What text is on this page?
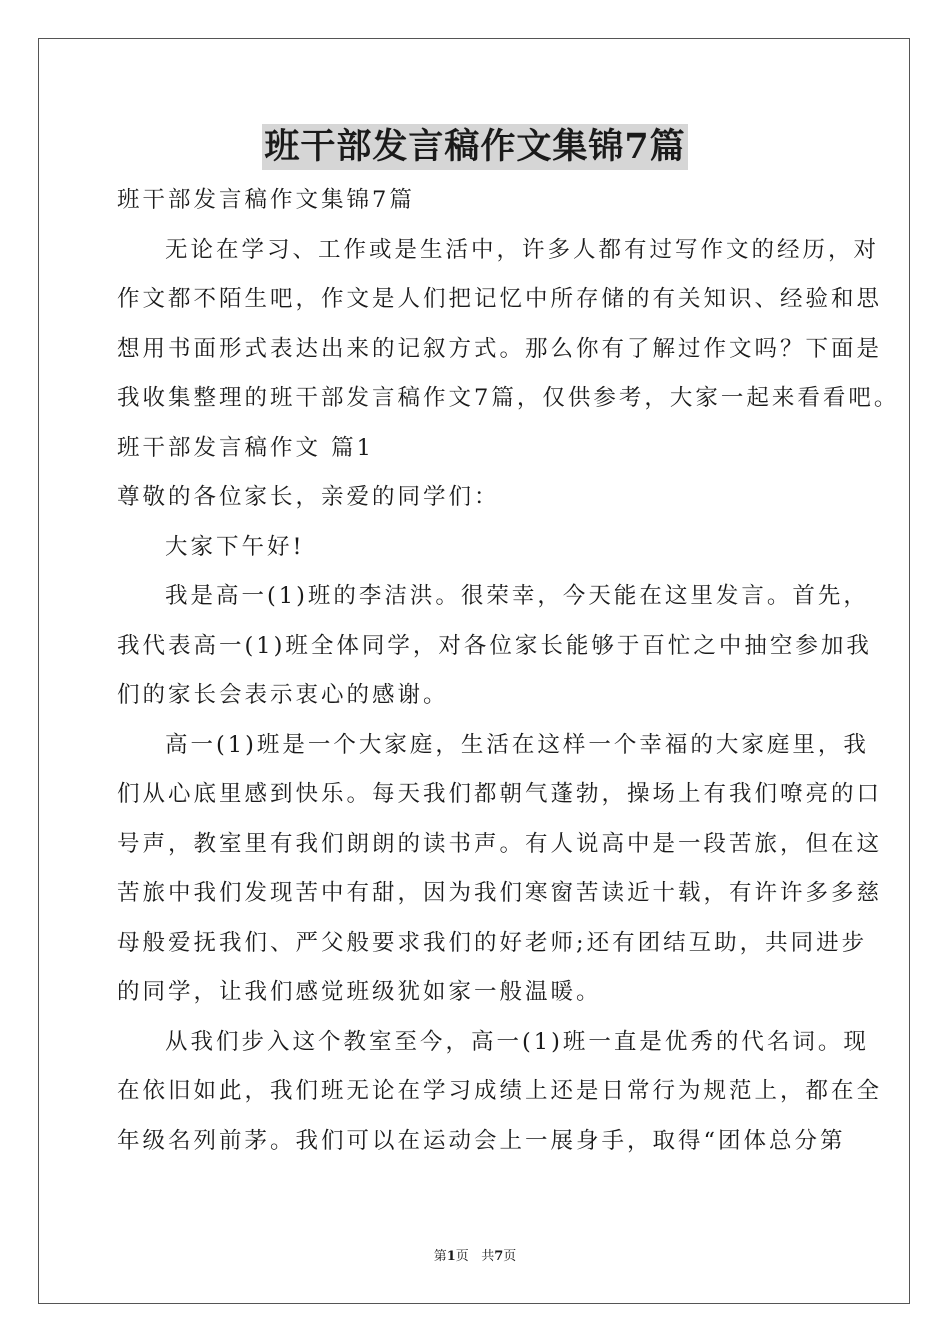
班干部发言稿作文集锦7篇
班干部发言稿作文集锦7篇
无论在学习、工作或是生活中，许多人都有过写作文的经历，对
作文都不陌生吧，作文是人们把记忆中所存储的有关知识、经验和思
想用书面形式表达出来的记叙方式。那么你有了解过作文吗？下面是
我收集整理的班干部发言稿作文7篇，仅供参考，大家一起来看看吧。
班干部发言稿作文 篇1
尊敬的各位家长，亲爱的同学们：
大家下午好!
我是高一(1)班的李洁洪。很荣幸，今天能在这里发言。首先，
我代表高一(1)班全体同学，对各位家长能够于百忙之中抽空参加我
们的家长会表示衷心的感谢。
高一(1)班是一个大家庭，生活在这样一个幸福的大家庭里，我
们从心底里感到快乐。每天我们都朝气蓬勃，操场上有我们嘹亮的口
号声，教室里有我们朗朗的读书声。有人说高中是一段苦旅，但在这
苦旅中我们发现苦中有甜，因为我们寒窗苦读近十载，有许许多多慈
母般爱抚我们、严父般要求我们的好老师;还有团结互助，共同进步
的同学，让我们感觉班级犹如家一般温暖。
从我们步入这个教室至今，高一(1)班一直是优秀的代名词。现
在依旧如此，我们班无论在学习成绩上还是日常行为规范上，都在全
年级名列前茅。我们可以在运动会上一展身手，取得“团体总分第
第1页 共7页
